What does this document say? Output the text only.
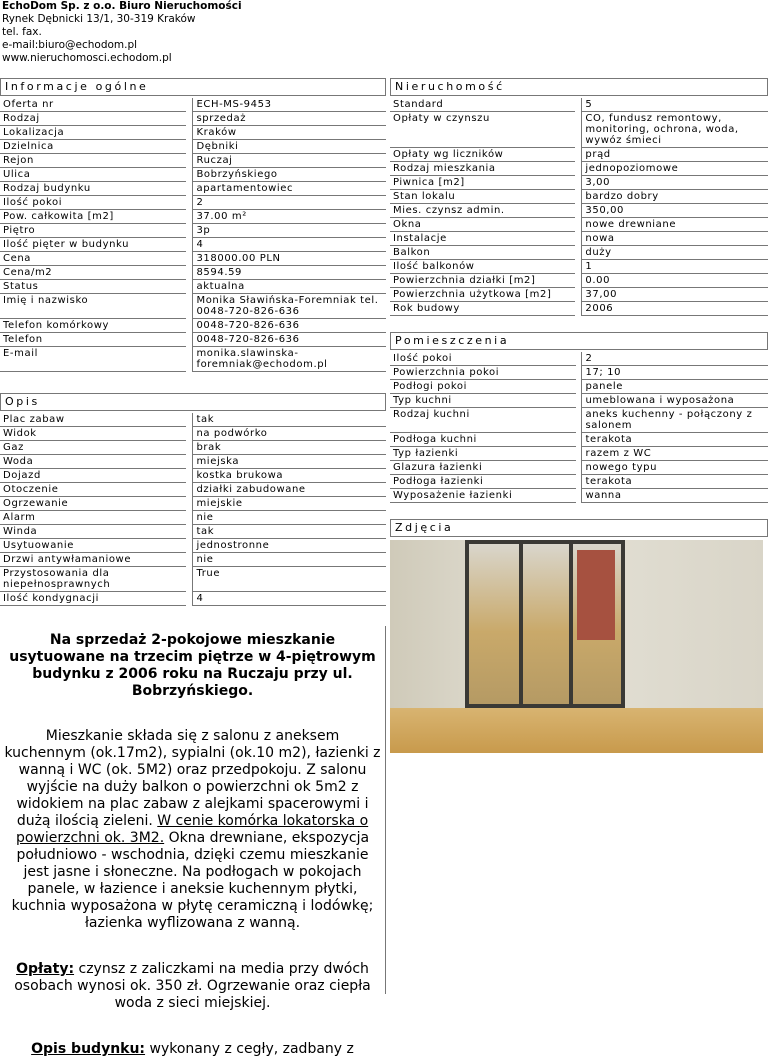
EchoDom Sp. z o.o. Biuro Nieruchomości
Rynek Dębnicki 13/1, 30-319 Kraków
tel. fax.
e-mail:biuro@echodom.pl
www.nieruchomosci.echodom.pl
Informacje ogólne
Oferta nr		ECH-MS-9453
Rodzaj		sprzedaż
Lokalizacja		Kraków
Dzielnica		Dębniki
Rejon		Ruczaj
Ulica		Bobrzyńskiego
Rodzaj budynku		apartamentowiec
Ilość pokoi		2
Pow. całkowita [m2]		37.00 m²
Piętro		3p
Ilość pięter w budynku		4
Cena		318000.00 PLN
Cena/m2		8594.59
Status		aktualna
Imię i nazwisko		Monika Sławińska-Foremniak tel. 0048-720-826-636
Telefon komórkowy		0048-720-826-636
Telefon		0048-720-826-636
E-mail		monika.slawinska-foremniak@echodom.pl
Opis
Plac zabaw		tak
Widok		na podwórko
Gaz		brak
Woda		miejska
Dojazd		kostka brukowa
Otoczenie		działki zabudowane
Ogrzewanie		miejskie
Alarm		nie
Winda		tak
Usytuowanie		jednostronne
Drzwi antywłamaniowe		nie
Przystosowania dla niepełnosprawnych		True
Ilość kondygnacji		4
Nieruchomość
Standard		5
Opłaty w czynszu		CO, fundusz remontowy, monitoring, ochrona, woda, wywóz śmieci
Opłaty wg liczników		prąd
Rodzaj mieszkania		jednopoziomowe
Piwnica [m2]		3,00
Stan lokalu		bardzo dobry
Mies. czynsz admin.		350,00
Okna		nowe drewniane
Instalacje		nowa
Balkon		duży
Ilość balkonów		1
Powierzchnia działki [m2]		0.00
Powierzchnia użytkowa [m2]		37,00
Rok budowy		2006
Pomieszczenia
Ilość pokoi		2
Powierzchnia pokoi		17; 10
Podłogi pokoi		panele
Typ kuchni		umeblowana i wyposażona
Rodzaj kuchni		aneks kuchenny - połączony z salonem
Podłoga kuchni		terakota
Typ łazienki		razem z WC
Glazura łazienki		nowego typu
Podłoga łazienki		terakota
Wyposażenie łazienki		wanna
Zdjęcia

Na sprzedaż 2-pokojowe mieszkanie usytuowane na trzecim piętrze w 4-piętrowym budynku z 2006 roku na Ruczaju przy ul. Bobrzyńskiego.

Mieszkanie składa się z salonu z aneksem kuchennym (ok.17m2), sypialni (ok.10 m2), łazienki z wanną i WC (ok. 5M2) oraz przedpokoju. Z salonu wyjście na duży balkon o powierzchni ok 5m2 z widokiem na plac zabaw z alejkami spacerowymi i dużą ilością zieleni. W cenie komórka lokatorska o powierzchni ok. 3M2. Okna drewniane, ekspozycja południowo - wschodnia, dzięki czemu mieszkanie jest jasne i słoneczne. Na podłogach w pokojach panele, w łazience i aneksie kuchennym płytki, kuchnia wyposażona w płytę ceramiczną i lodówkę; łazienka wyflizowana z wanną.

Opłaty: czynsz z zaliczkami na media przy dwóch osobach wynosi ok. 350 zł. Ogrzewanie oraz ciepła woda z sieci miejskiej.

Opis budynku: wykonany z cegły, zadbany z
